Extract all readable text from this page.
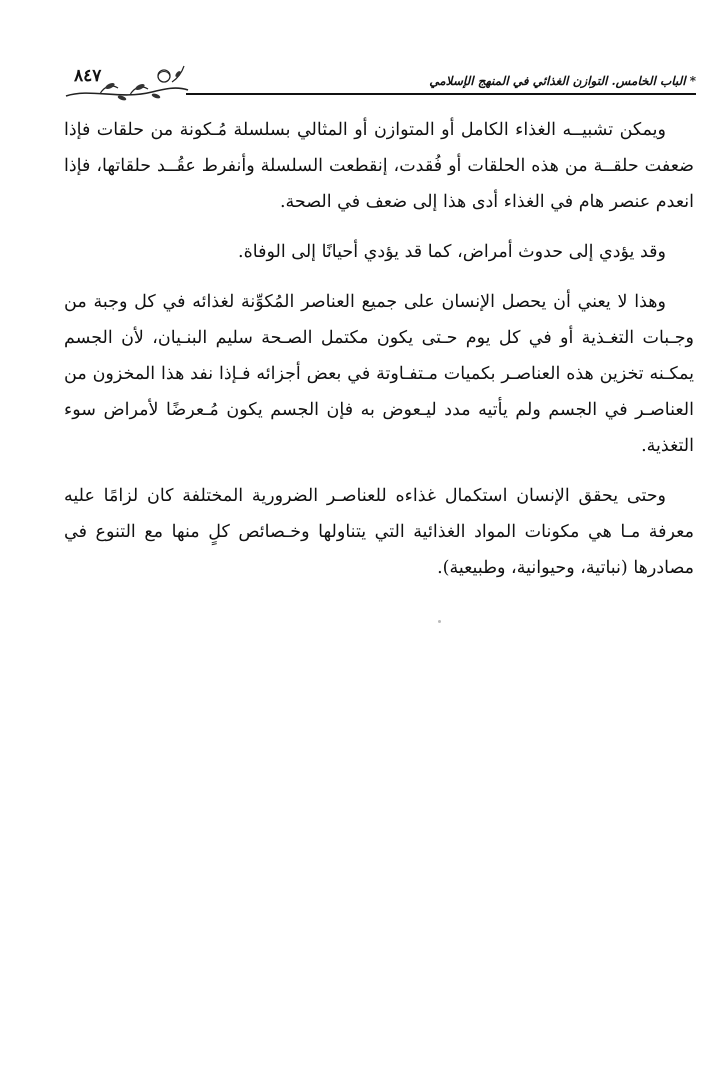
* الباب الخامس. التوازن الغذائي في المنهج الإسلامي
٨٤٧

ويمكن تشبيــه الغذاء الكامل أو المتوازن أو المثالي بسلسلة مُـكونة من حلقات فإذا ضعفت حلقــة من هذه الحلقات أو فُقدت، إنقطعت السلسلة وأنفرط عقُــد حلقاتها، فإذا انعدم عنصر هام في الغذاء أدى هذا إلى ضعف في الصحة.

وقد يؤدي إلى حدوث أمراض، كما قد يؤدي أحيانًا إلى الوفاة.

وهذا لا يعني أن يحصل الإنسان على جميع العناصر المُكوِّنة لغذائه في كل وجبة من وجـبات التغـذية أو في كل يوم حـتى يكون مكتمل الصـحة سليم البنـيان، لأن الجسم يمكـنه تخزين هذه العناصـر بكميات مـتفـاوتة في بعض أجزائه فـإذا نفد هذا المخزون من العناصـر في الجسم ولم يأتيه مدد ليـعوض به فإن الجسم يكون مُـعرضًا لأمراض سوء التغذية.

وحتى يحقق الإنسان استكمال غذاءه للعناصـر الضرورية المختلفة كان لزامًا عليه معرفة مـا هي مكونات المواد الغذائية التي يتناولها وخـصائص كلٍ منها مع التنوع في مصادرها (نباتية، وحيوانية، وطبيعية).
